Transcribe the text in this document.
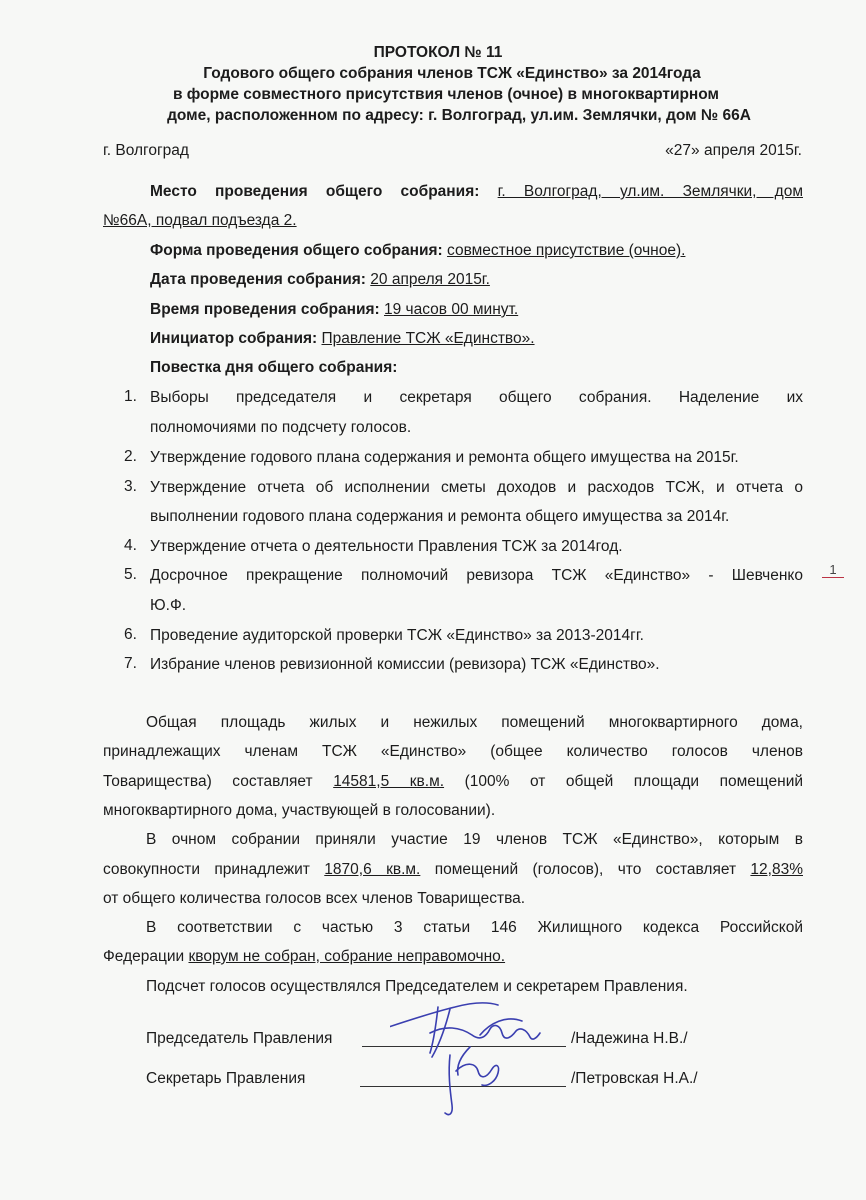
ПРОТОКОЛ № 11
Годового общего собрания членов ТСЖ «Единство» за 2014года
в форме совместного присутствия членов (очное) в многоквартирном
доме, расположенном по адресу: г. Волгоград, ул.им. Землячки, дом № 66А
г. Волгоград	«27» апреля 2015г.
Место проведения общего собрания: г. Волгоград, ул.им. Землячки, дом
№66А, подвал подъезда 2.
Форма проведения общего собрания: совместное присутствие (очное).
Дата проведения собрания: 20 апреля 2015г.
Время проведения собрания: 19 часов 00 минут.
Инициатор собрания: Правление ТСЖ «Единство».
Повестка дня общего собрания:
1. Выборы председателя и секретаря общего собрания. Наделение их
полномочиями по подсчету голосов.
2. Утверждение годового плана содержания и ремонта общего имущества на 2015г.
3. Утверждение отчета об исполнении сметы доходов и расходов ТСЖ, и отчета о
выполнении годового плана содержания и ремонта общего имущества за 2014г.
4. Утверждение отчета о деятельности Правления ТСЖ за 2014год.
5. Досрочное прекращение полномочий ревизора ТСЖ «Единство» - Шевченко
Ю.Ф.
6. Проведение аудиторской проверки ТСЖ «Единство» за 2013-2014гг.
7. Избрание членов ревизионной комиссии (ревизора) ТСЖ «Единство».
1
Общая площадь жилых и нежилых помещений многоквартирного дома,
принадлежащих членам ТСЖ «Единство» (общее количество голосов членов
Товарищества) составляет 14581,5 кв.м. (100% от общей площади помещений
многоквартирного дома, участвующей в голосовании).
В очном собрании приняли участие 19 членов ТСЖ «Единство», которым в
совокупности принадлежит 1870,6 кв.м. помещений (голосов), что составляет 12,83%
от общего количества голосов всех членов Товарищества.
В соответствии с частью 3 статьи 146 Жилищного кодекса Российской
Федерации кворум не собран, собрание неправомочно.
Подсчет голосов осуществлялся Председателем и секретарем Правления.
Председатель Правления	/Надежина Н.В./
Секретарь Правления	/Петровская Н.А./
